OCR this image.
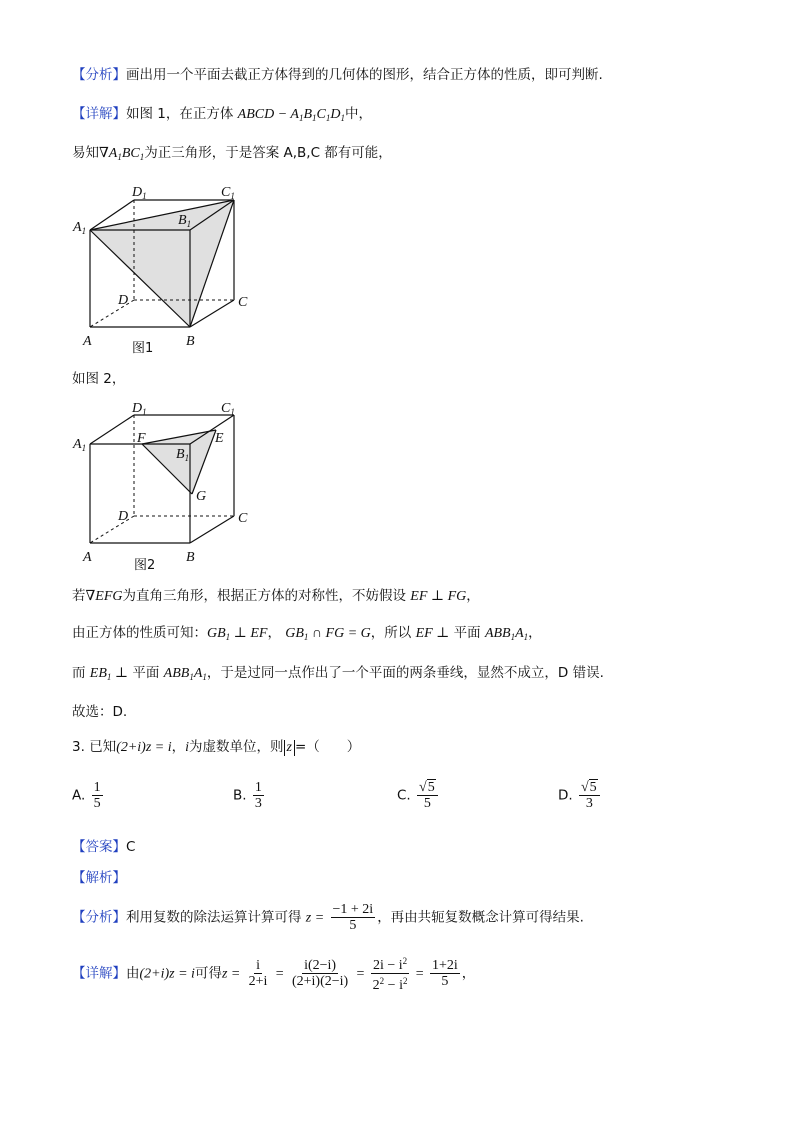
【分析】画出用一个平面去截正方体得到的几何体的图形，结合正方体的性质，即可判断.
【详解】如图 1，在正方体 ABCD − $A_1B_1C_1D_1$中，
易知$\nabla A_1BC_1$为正三角形，于是答案 A,B,C 都有可能，
$A_1$
$B_1$
$C_1$
$D_1$
D	C
A	B
图1
如图 2，
$A_1$	$B_1$
$C_1$
$D_1$
F	E
G
D	C
A	B
图2
若∇EFG为直角三角形，根据正方体的对称性，不妨假设 EF ⊥ FG，
由正方体的性质可知：$GB_1$ ⊥ EF， $GB_1$ ∩ FG = G，所以 EF ⊥ 平面 $ABB_1A_1$，
而 $EB_1$ ⊥ 平面 $ABB_1A_1$，于是过同一点作出了一个平面的两条垂线，显然不成立，D 错误.
故选：D.
3. 已知(2+i)z = i，i为虚数单位，则 z =（　　）
A. $\frac{1}{5}$	B. $\frac{1}{3}$	C. $\frac{√5}{5}$	D. $\frac{√5}{3}$
【答案】C
【解析】
【分析】利用复数的除法运算计算可得 $z = \frac{-1 + 2i}{5}$ ，再由共轭复数概念计算可得结果.
【详解】由(2+i)z = i可得$z = \frac{i}{2+i} = \frac{i(2-i)}{(2+i)(2-i)} = \frac{2i - i^2}{2^2 - i^2} = \frac{1+2i}{5}$ ，
